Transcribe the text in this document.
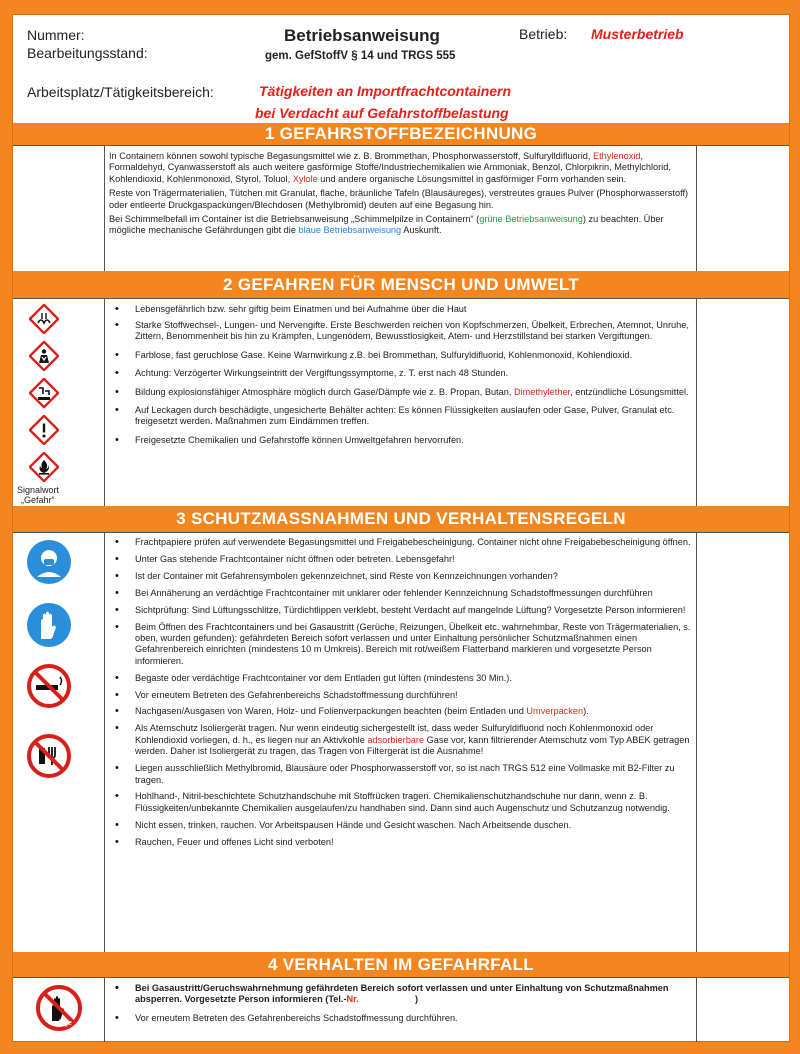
Nummer:
Bearbeitungsstand:
Betriebsanweisung
gem. GefStoffV § 14 und TRGS 555
Betrieb: Musterbetrieb
Arbeitsplatz/Tätigkeitsbereich:	Tätigkeiten an Importfrachtcontainern
bei Verdacht auf Gefahrstoffbelastung
1 GEFAHRSTOFFBEZEICHNUNG

In Containern können sowohl typische Begasungsmittel wie z. B. Brommethan, Phosphorwasserstoff, Sulfurylldifluorid, Ethylenoxid, Formaldehyd, Cyanwasserstoff als auch weitere gasförmige Stoffe/Industriechemikalien wie Ammoniak, Benzol, Chlorpikrin, Methylchlorid, Kohlendioxid, Kohlenmonoxid, Styrol, Toluol, Xylole und andere organische Lösungsmittel in gasförmiger Form vorhanden sein.

Reste von Trägermaterialien, Tütchen mit Granulat, flache, bräunliche Tafeln (Blausäureges), verstreutes graues Pulver (Phosphorwasserstoff) oder entleerte Druckgaspackungen/Blechdosen (Methylbromid) deuten auf eine Begasung hin.

Bei Schimmelbefall im Container ist die Betriebsanweisung „Schimmelpilze in Containern“ (grüne Betriebsanweisung) zu beachten. Über mögliche mechanische Gefährdungen gibt die blaue Betriebsanweisung Auskunft.

2 GEFAHREN FÜR MENSCH UND UMWELT
Signalwort
„Gefahr“
• Lebensgefährlich bzw. sehr giftig beim Einatmen und bei Aufnahme über die Haut
• Starke Stoffwechsel-, Lungen- und Nervengifte. Erste Beschwerden reichen von Kopfschmerzen, Übelkeit, Erbrechen, Atemnot, Unruhe, Zittern, Benommenheit bis hin zu Krämpfen, Lungenödem, Bewusstlosigkeit, Atem- und Herzstillstand bei starken Vergiftungen.
• Farblose, fast geruchlose Gase. Keine Warnwirkung z.B. bei Brommethan, Sulfuryldifluorid, Kohlenmonoxid, Kohlendioxid.
• Achtung: Verzögerter Wirkungseintritt der Vergiftungssymptome, z. T. erst nach 48 Stunden.
• Bildung explosionsfähiger Atmosphäre möglich durch Gase/Dämpfe wie z. B. Propan, Butan, Dimethylether, entzündliche Lösungsmittel.
• Auf Leckagen durch beschädigte, ungesicherte Behälter achten: Es können Flüssigkeiten auslaufen oder Gase, Pulver, Granulat etc. freigesetzt werden. Maßnahmen zum Eindämmen treffen.
• Freigesetzte Chemikalien und Gefahrstoffe können Umweltgefahren hervorrufen.
3 SCHUTZMASSNAHMEN UND VERHALTENSREGELN
• Frachtpapiere prüfen auf verwendete Begasungsmittel und Freigabebescheinigung. Container nicht ohne Freigabebescheinigung öffnen.
• Unter Gas stehende Frachtcontainer nicht öffnen oder betreten. Lebensgefahr!
• Ist der Container mit Gefahrensymbolen gekennzeichnet, sind Reste von Kennzeichnungen vorhanden?
• Bei Annäherung an verdächtige Frachtcontainer mit unklarer oder fehlender Kennzeichnung Schadstoffmessungen durchführen
• Sichtprüfung: Sind Lüftungsschlitze, Türdichtlippen verklebt, besteht Verdacht auf mangelnde Lüftung? Vorgesetzte Person informieren!
• Beim Öffnen des Frachtcontainers und bei Gasaustritt (Gerüche, Reizungen, Übelkeit etc. wahrnehmbar, Reste von Trägermaterialien, s. oben, wurden gefunden): gefährdeten Bereich sofort verlassen und unter Einhaltung persönlicher Schutzmaßnahmen einen Gefahrenbereich einrichten (mindestens 10 m Umkreis). Bereich mit rot/weißem Flatterband markieren und vorgesetzte Person informieren.
• Begaste oder verdächtige Frachtcontainer vor dem Entladen gut lüften (mindestens 30 Min.).
• Vor erneutem Betreten des Gefahrenbereichs Schadstoffmessung durchführen!
• Nachgasen/Ausgasen von Waren, Holz- und Folienverpackungen beachten (beim Entladen und Umverpacken).
• Als Atemschutz Isoliergerät tragen. Nur wenn eindeutig sichergestellt ist, dass weder Sulfuryldifluorid noch Kohlenmonoxid oder Kohlendioxid vorliegen, d. h., es liegen nur an Aktivkohle adsorbierbare Gase vor, kann filtrierender Atemschutz vom Typ ABEK getragen werden. Daher ist Isoliergerät zu tragen, das Tragen von Filtergerät ist die Ausnahme!
• Liegen ausschließlich Methylbromid, Blausäure oder Phosphorwasserstoff vor, so ist nach TRGS 512 eine Vollmaske mit B2-Filter zu tragen.
• Hohlhand-, Nitril-beschichtete Schutzhandschuhe mit Stoffrücken tragen. Chemikalienschutzhandschuhe nur dann, wenn z. B. Flüssigkeiten/unbekannte Chemikalien ausgelaufen/zu handhaben sind. Dann sind auch Augenschutz und Schutzanzug notwendig.
• Nicht essen, trinken, rauchen. Vor Arbeitspausen Hände und Gesicht waschen. Nach Arbeitsende duschen.
• Rauchen, Feuer und offenes Licht sind verboten!
4 VERHALTEN IM GEFAHRFALL
vorlage
• Bei Gasaustritt/Geruchswahrnehmung gefährdeten Bereich sofort verlassen und unter Einhaltung von Schutzmaßnahmen absperren. Vorgesetzte Person informieren (Tel.-Nr.                      )
• Vor erneutem Betreten des Gefahrenbereichs Schadstoffmessung durchführen.
